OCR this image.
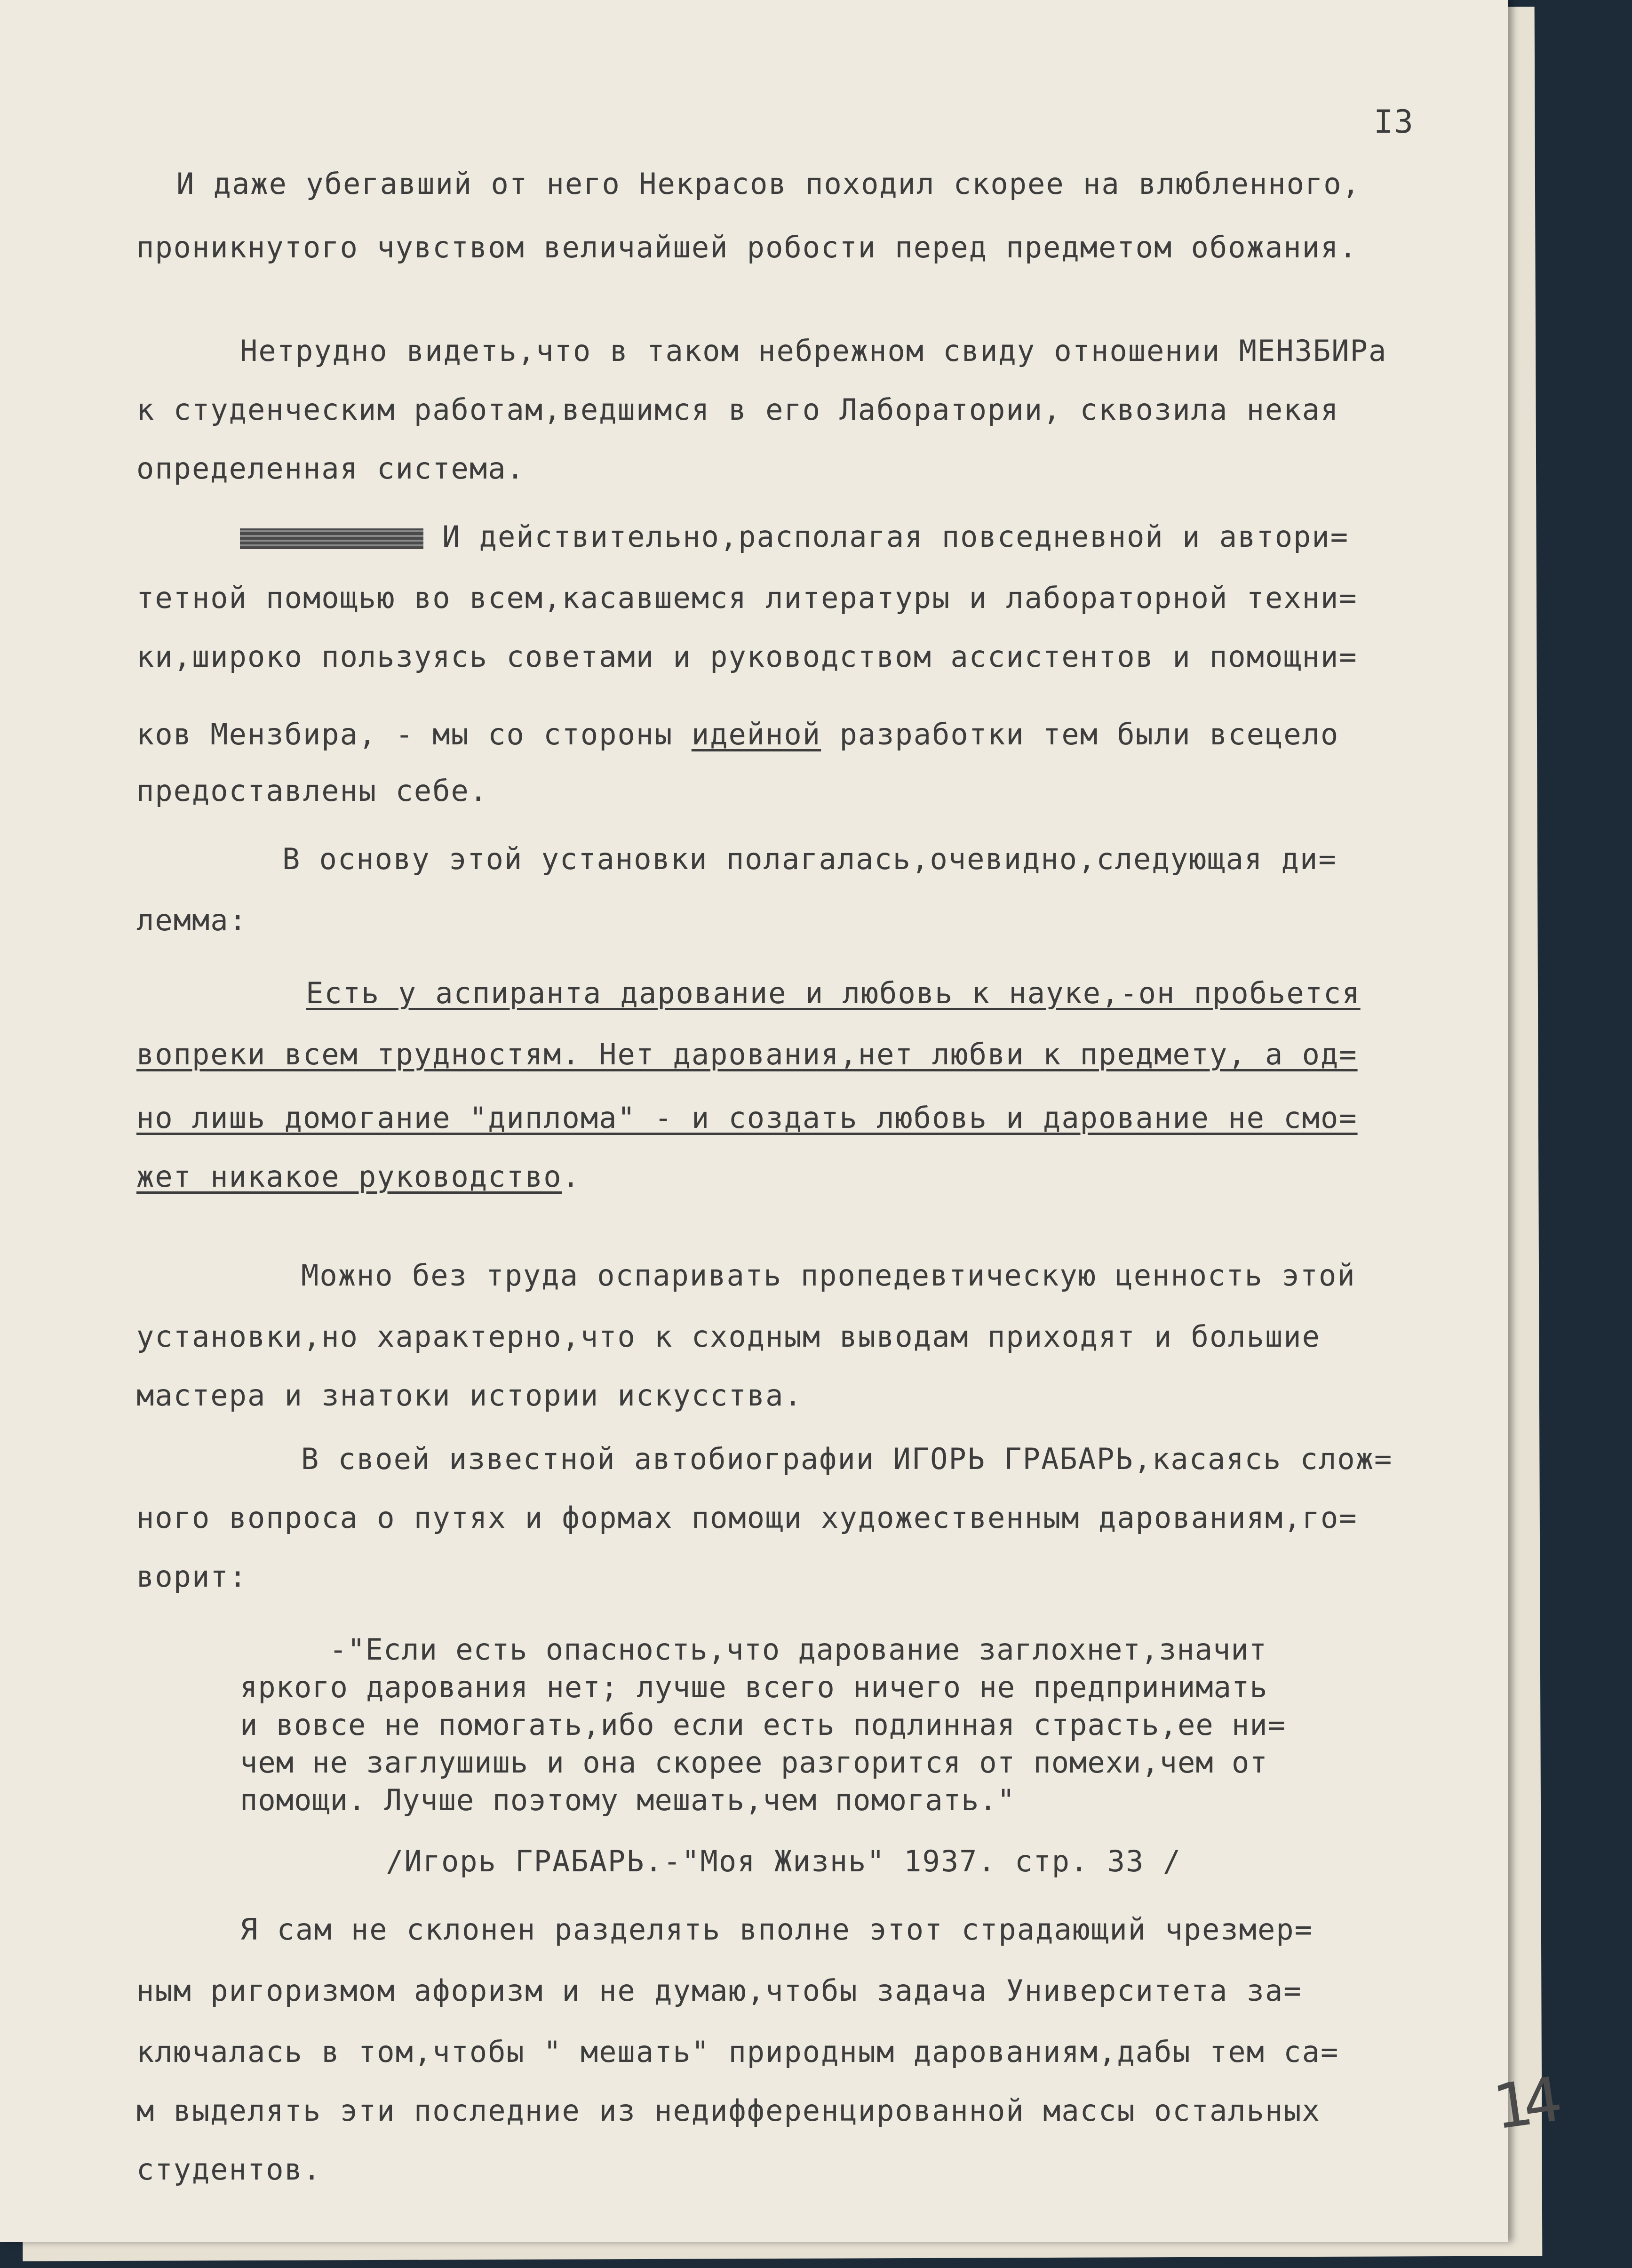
I3
И даже убегавший от него Некрасов походил скорее на влюбленного,
проникнутого чувством величайшей робости перед предметом обожания.
Нетрудно видеть,что в таком небрежном свиду отношении МЕНЗБИРа
к студенческим работам,ведшимся в его Лаборатории, сквозила некая
определенная система.
И действительно,располагая повседневной и автори=
тетной помощью во всем,касавшемся литературы и лабораторной техни=
ки,широко пользуясь советами и руководством ассистентов и помощни=
ков Мензбира, - мы со стороны идейной разработки тем были всецело
предоставлены себе.
В основу этой установки полагалась,очевидно,следующая ди=
лемма:
Есть у аспиранта дарование и любовь к науке,-он пробьется
вопреки всем трудностям. Нет дарования,нет любви к предмету, а од=
но лишь домогание "диплома" - и создать любовь и дарование не смо=
жет никакое руководство.
Можно без труда оспаривать пропедевтическую ценность этой
установки,но характерно,что к сходным выводам приходят и большие
мастера и знатоки истории искусства.
В своей известной автобиографии ИГОРЬ ГРАБАРЬ,касаясь слож=
ного вопроса о путях и формах помощи художественным дарованиям,го=
ворит:
-"Если есть опасность,что дарование заглохнет,значит
яркого дарования нет; лучше всего ничего не предпринимать
и вовсе не помогать,ибо если есть подлинная страсть,ее ни=
чем не заглушишь и она скорее разгорится от помехи,чем от
помощи. Лучше поэтому мешать,чем помогать."
/Игорь ГРАБАРЬ.-"Моя Жизнь" 1937. стр. 33 /
Я сам не склонен разделять вполне этот страдающий чрезмер=
ным ригоризмом афоризм и не думаю,чтобы задача Университета за=
ключалась в том,чтобы " мешать" природным дарованиям,дабы тем са=
м выделять эти последние из недифференцированной массы остальных
студентов.
14
